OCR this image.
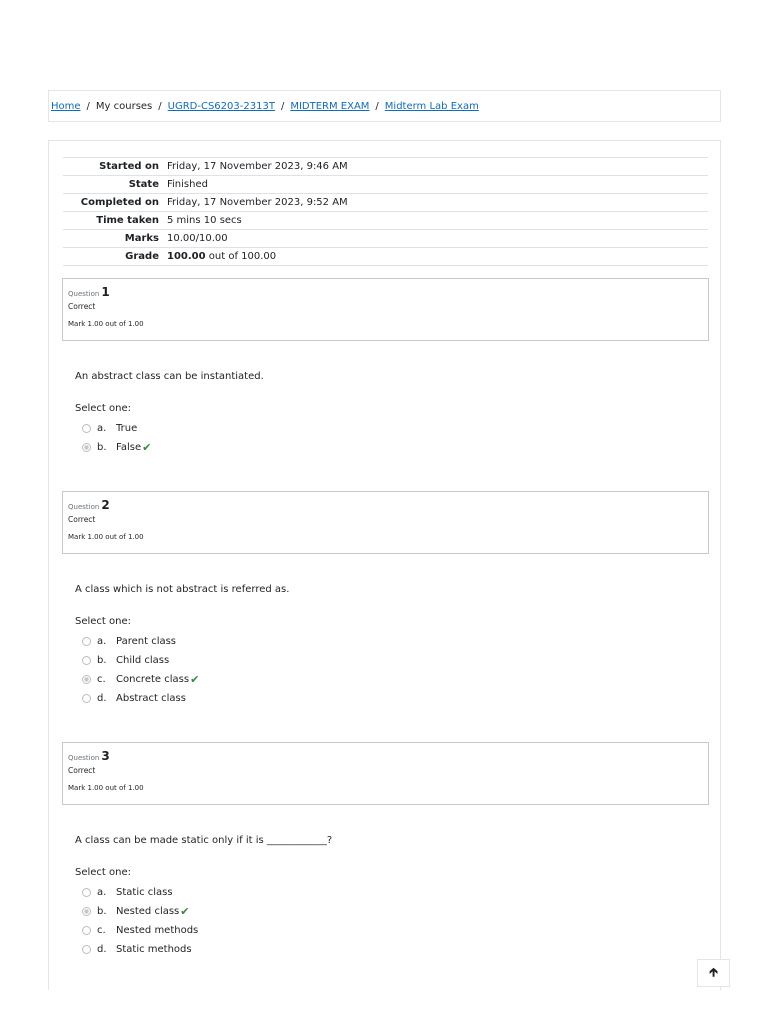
Home / My courses / UGRD-CS6203-2313T / MIDTERM EXAM / Midterm Lab Exam
Started on	Friday, 17 November 2023, 9:46 AM
State	Finished
Completed on	Friday, 17 November 2023, 9:52 AM
Time taken	5 mins 10 secs
Marks	10.00/10.00
Grade	100.00 out of 100.00
Question 1
Correct
Mark 1.00 out of 1.00
An abstract class can be instantiated.
Select one:
a. True
b. False ✔
Question 2
Correct
Mark 1.00 out of 1.00
A class which is not abstract is referred as.
Select one:
a. Parent class
b. Child class
c.	Concrete class ✔
d. Abstract class
Question 3
Correct
Mark 1.00 out of 1.00
A class can be made static only if it is ____________?
Select one:
a. Static class
b. Nested class ✔
c.	Nested methods
d. Static methods
🡱
